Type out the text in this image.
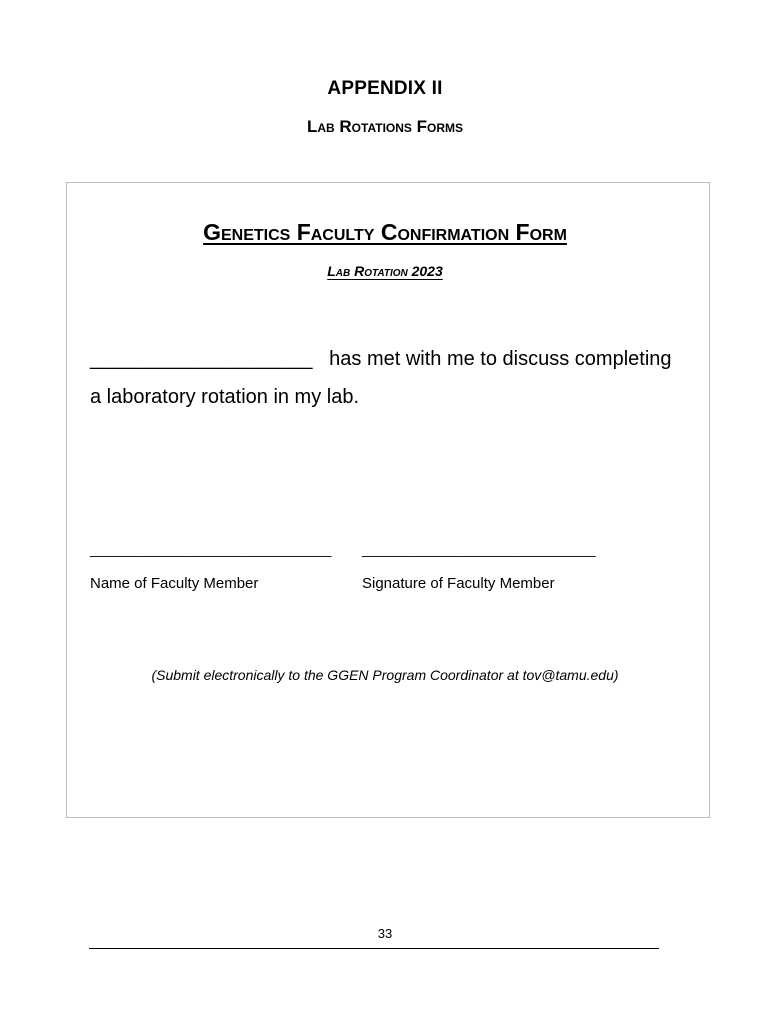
APPENDIX II
Lab Rotations Forms
Genetics Faculty Confirmation Form
Lab Rotation 2023
____________________ has met with me to discuss completing
a laboratory rotation in my lab.
_______________________________ ______________________________
Name of Faculty Member	Signature of Faculty Member
(Submit electronically to the GGEN Program Coordinator at tov@tamu.edu)
33
